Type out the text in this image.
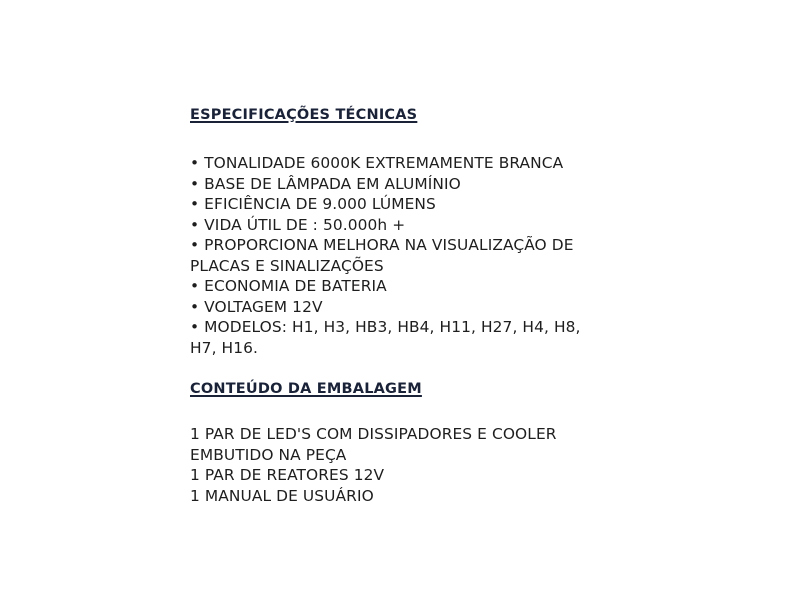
ESPECIFICAÇÕES TÉCNICAS
• TONALIDADE 6000K EXTREMAMENTE BRANCA
• BASE DE LÂMPADA EM ALUMÍNIO
• EFICIÊNCIA DE 9.000 LÚMENS
• VIDA ÚTIL DE : 50.000h +
• PROPORCIONA MELHORA NA VISUALIZAÇÃO DE
PLACAS E SINALIZAÇÕES
• ECONOMIA DE BATERIA
• VOLTAGEM 12V
• MODELOS: H1, H3, HB3, HB4, H11, H27, H4, H8,
H7, H16.
CONTEÚDO DA EMBALAGEM
1 PAR DE LED'S COM DISSIPADORES E COOLER
EMBUTIDO NA PEÇA
1 PAR DE REATORES 12V
1 MANUAL DE USUÁRIO
